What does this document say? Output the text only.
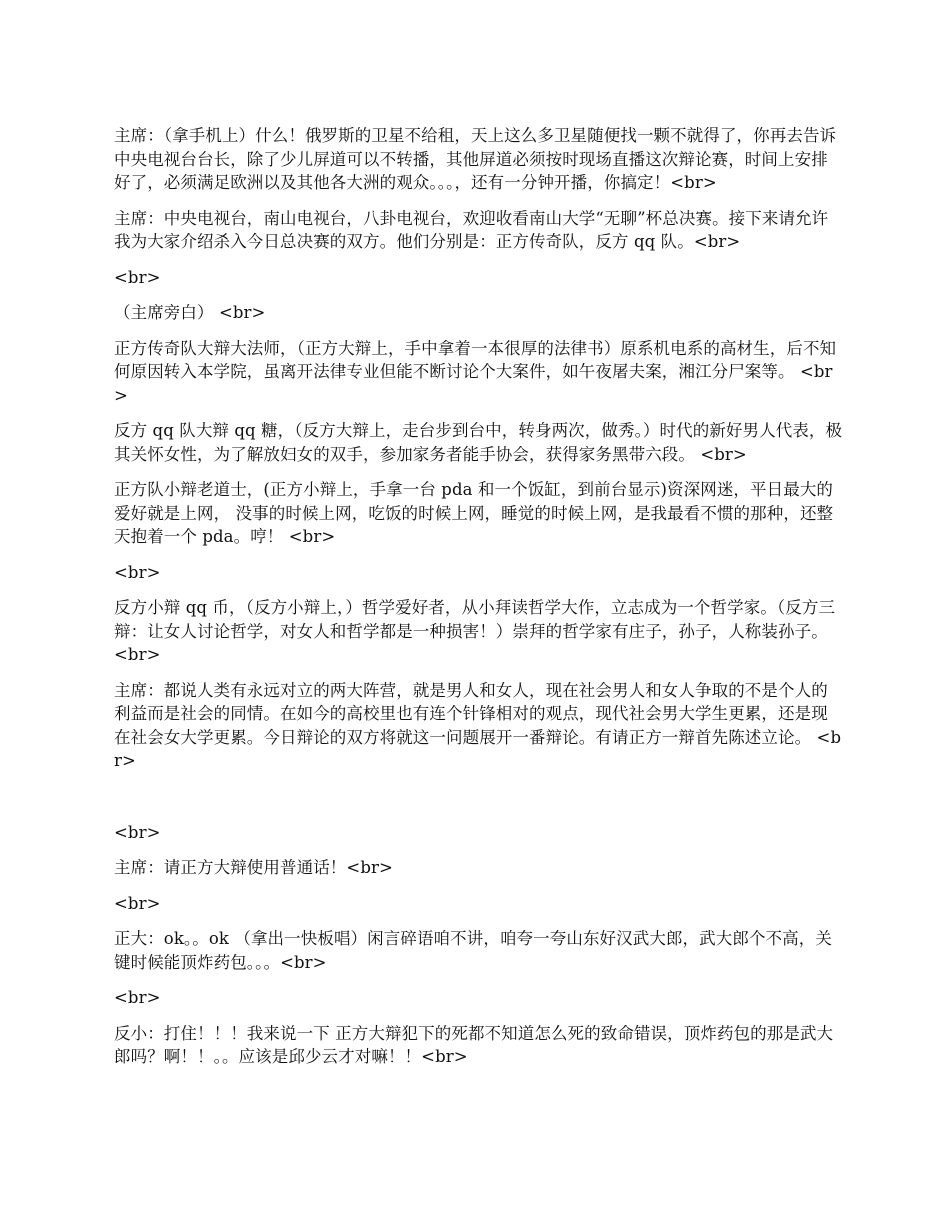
主席：（拿手机上）什么！俄罗斯的卫星不给租，天上这么多卫星随便找一颗不就得了，你再去告诉中央电视台台长，除了少儿屏道可以不转播，其他屏道必须按时现场直播这次辩论赛，时间上安排好了，必须满足欧洲以及其他各大洲的观众。。。，还有一分钟开播，你搞定！<br>

主席：中央电视台，南山电视台，八卦电视台，欢迎收看南山大学“无聊”杯总决赛。接下来请允许我为大家介绍杀入今日总决赛的双方。他们分别是：正方传奇队，反方 qq 队。<br>

<br>

（主席旁白） <br>

正方传奇队大辩大法师，（正方大辩上，手中拿着一本很厚的法律书）原系机电系的高材生，后不知何原因转入本学院，虽离开法律专业但能不断讨论个大案件，如午夜屠夫案，湘江分尸案等。 <br>

反方 qq 队大辩 qq 糖，（反方大辩上，走台步到台中，转身两次，做秀。）时代的新好男人代表，极其关怀女性，为了解放妇女的双手，参加家务者能手协会，获得家务黑带六段。 <br>

正方队小辩老道士，(正方小辩上，手拿一台 pda 和一个饭缸，到前台显示)资深网迷，平日最大的爱好就是上网， 没事的时候上网，吃饭的时候上网，睡觉的时候上网，是我最看不惯的那种，还整天抱着一个 pda。哼！ <br>

<br>

反方小辩 qq 币，（反方小辩上，）哲学爱好者，从小拜读哲学大作，立志成为一个哲学家。（反方三辩：让女人讨论哲学，对女人和哲学都是一种损害！）崇拜的哲学家有庄子，孙子，人称装孙子。 <br>

主席：都说人类有永远对立的两大阵营，就是男人和女人，现在社会男人和女人争取的不是个人的利益而是社会的同情。在如今的高校里也有连个针锋相对的观点，现代社会男大学生更累，还是现在社会女大学更累。今日辩论的双方将就这一问题展开一番辩论。有请正方一辩首先陈述立论。 <br>

<br>

主席：请正方大辩使用普通话！<br>

<br>

正大：ok。。ok （拿出一快板唱）闲言碎语咱不讲，咱夸一夸山东好汉武大郎，武大郎个不高，关键时候能顶炸药包。。。<br>

<br>

反小：打住！！！我来说一下 正方大辩犯下的死都不知道怎么死的致命错误，顶炸药包的那是武大郎吗？啊！！。。应该是邱少云才对嘛！！<br>
